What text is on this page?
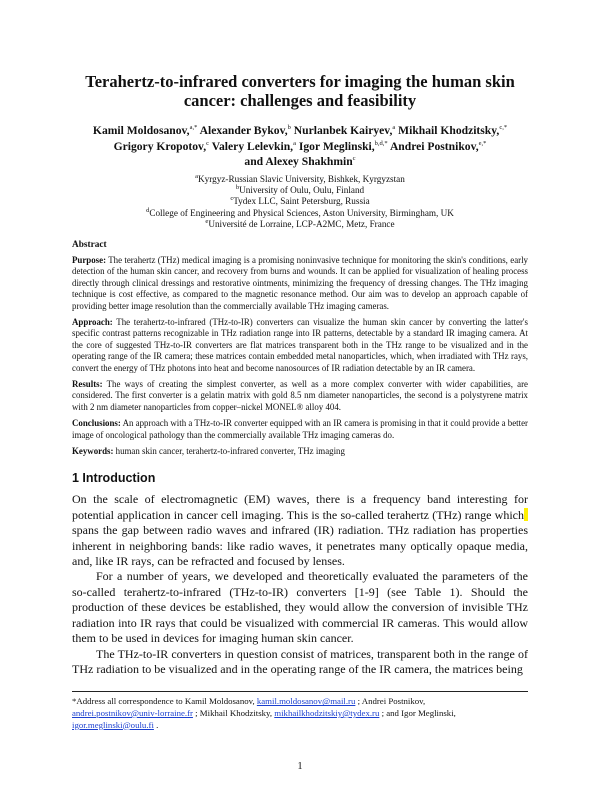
Terahertz-to-infrared converters for imaging the human skin
cancer: challenges and feasibility
Kamil Moldosanov,$^{a,*}$ Alexander Bykov,$^b$ Nurlanbek Kairyev,$^a$ Mikhail Khodzitsky,$^{c,*}$
Grigory Kropotov,$^c$ Valery Lelevkin,$^a$ Igor Meglinski,$^{b,d,*}$ Andrei Postnikov,$^{e,*}$
and Alexey Shakhmin$^c$
$^a$Kyrgyz-Russian Slavic University, Bishkek, Kyrgyzstan
$^b$University of Oulu, Oulu, Finland
$^c$Tydex LLC, Saint Petersburg, Russia
$^d$College of Engineering and Physical Sciences, Aston University, Birmingham, UK
$^e$Université de Lorraine, LCP-A2MC, Metz, France
Abstract

Purpose: The terahertz (THz) medical imaging is a promising noninvasive technique for monitoring the skin's conditions, early detection of the human skin cancer, and recovery from burns and wounds. It can be applied for visualization of healing process directly through clinical dressings and restorative ointments, minimizing the frequency of dressing changes. The THz imaging technique is cost effective, as compared to the magnetic resonance method. Our aim was to develop an approach capable of providing better image resolution than the commercially available THz imaging cameras.

Approach: The terahertz-to-infrared (THz-to-IR) converters can visualize the human skin cancer by converting the latter's specific contrast patterns recognizable in THz radiation range into IR patterns, detectable by a standard IR imaging camera. At the core of suggested THz-to-IR converters are flat matrices transparent both in the THz range to be visualized and in the operating range of the IR camera; these matrices contain embedded metal nanoparticles, which, when irradiated with THz rays, convert the energy of THz photons into heat and become nanosources of IR radiation detectable by an IR camera.

Results: The ways of creating the simplest converter, as well as a more complex converter with wider capabilities, are considered. The first converter is a gelatin matrix with gold 8.5 nm diameter nanoparticles, the second is a polystyrene matrix with 2 nm diameter nanoparticles from copper–nickel MONEL® alloy 404.

Conclusions: An approach with a THz-to-IR converter equipped with an IR camera is promising in that it could provide a better image of oncological pathology than the commercially available THz imaging cameras do.

Keywords: human skin cancer, terahertz-to-infrared converter, THz imaging

1 Introduction

On the scale of electromagnetic (EM) waves, there is a frequency band interesting for potential application in cancer cell imaging. This is the so-called terahertz (THz) range whichspans the gap between radio waves and infrared (IR) radiation. THz radiation has properties inherent in neighboring bands: like radio waves, it penetrates many optically opaque media, and, like IR rays, can be refracted and focused by lenses.

For a number of years, we developed and theoretically evaluated the parameters of the so-called terahertz-to-infrared (THz-to-IR) converters [1-9] (see Table 1). Should the production of these devices be established, they would allow the conversion of invisible THz radiation into IR rays that could be visualized with commercial IR cameras. This would allow them to be used in devices for imaging human skin cancer.

The THz-to-IR converters in question consist of matrices, transparent both in the range of THz radiation to be visualized and in the operating range of the IR camera, the matrices being

*Address all correspondence to Kamil Moldosanov, kamil.moldosanov@mail.ru ; Andrei Postnikov, andrei.postnikov@univ-lorraine.fr ; Mikhail Khodzitsky, mikhailkhodzitskiy@tydex.ru ; and Igor Meglinski, igor.meglinski@oulu.fi .
1
